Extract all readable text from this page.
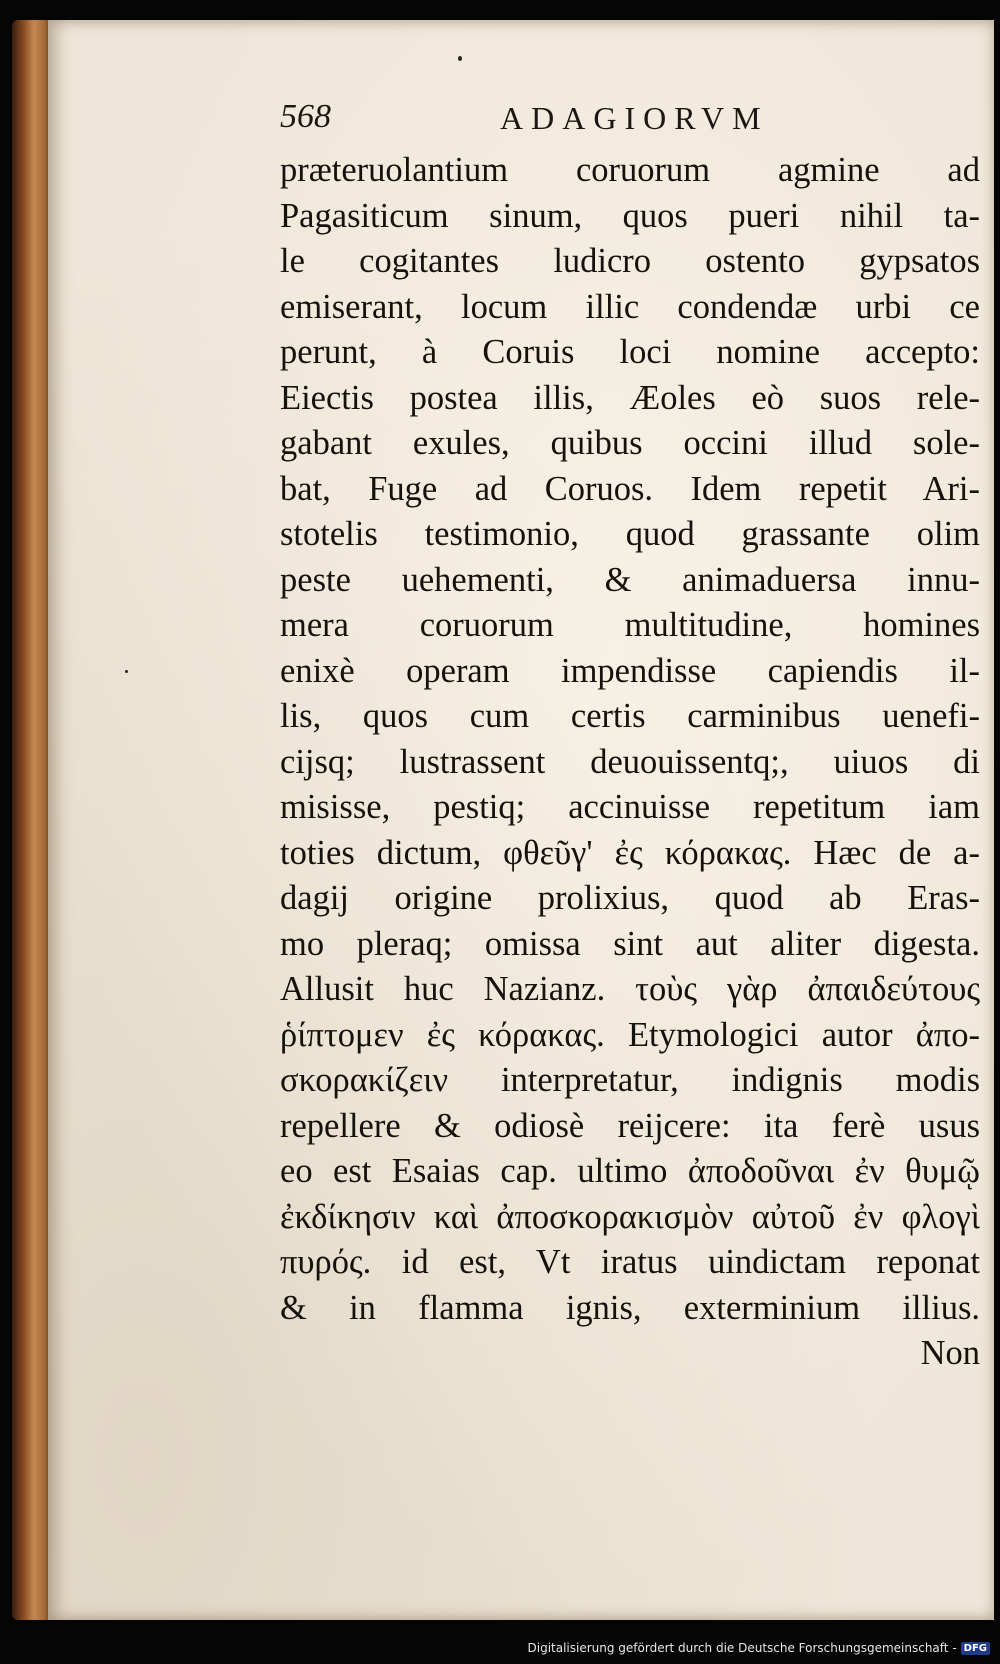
568	ADAGIORVM
præteruolantium coruorum agmine ad
Pagasiticum sinum, quos pueri nihil ta-
le cogitantes ludicro ostento gypsatos
emiserant, locum illic condendæ urbi ce
perunt, à Coruis loci nomine accepto:
Eiectis postea illis, Æoles eò suos rele-
gabant exules, quibus occini illud sole-
bat, Fuge ad Coruos. Idem repetit Ari-
stotelis testimonio, quod grassante olim
peste uehementi, & animaduersa innu-
mera coruorum multitudine, homines
enixè operam impendisse capiendis il-
lis, quos cum certis carminibus uenefi-
cijsq; lustrassent deuouissentq;, uiuos di
misisse, pestiq; accinuisse repetitum iam
toties dictum, φθεῦγ' ἐς κόρακας. Hæc de a-
dagij origine prolixius, quod ab Eras-
mo pleraq; omissa sint aut aliter digesta.
Allusit huc Nazianz. τοὺς γὰρ ἀπαιδεύτους
ῥίπτομεν ἐς κόρακας. Etymologici autor ἀπο-
σκορακίζειν interpretatur, indignis modis
repellere & odiosè reijcere: ita ferè usus
eo est Esaias cap. ultimo ἀποδοῦναι ἐν θυμῷ
ἐκδίκησιν καὶ ἀποσκορακισμὸν αὐτοῦ ἐν φλογὶ
πυρός. id est, Vt iratus uindictam reponat
& in flamma ignis, exterminium illius.
Non
Digitalisierung gefördert durch die Deutsche Forschungsgemeinschaft - DFG
